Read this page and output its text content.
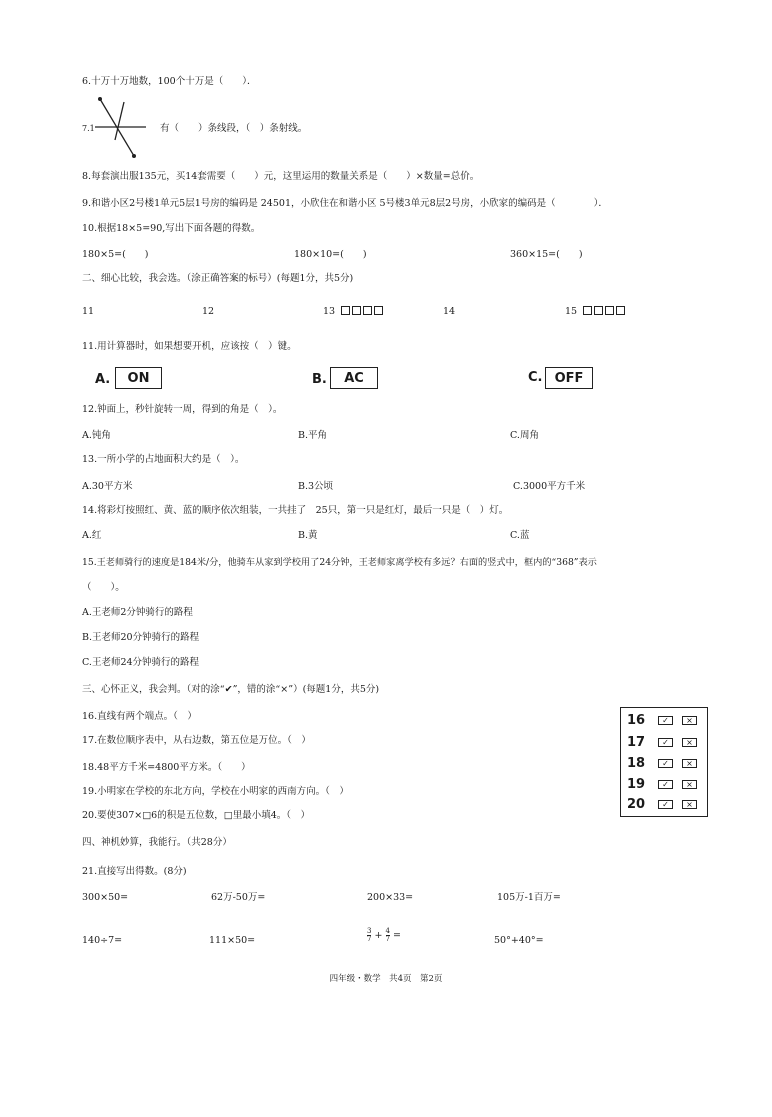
6.十万十万地数，100个十万是（　　）．
7.1	有（　　）条线段，（　）条射线。
8.每套演出服135元，买14套需要（　　）元，这里运用的数量关系是（　　）×数量=总价。
9.和谐小区2号楼1单元5层1号房的编码是 24501，小欣住在和谐小区 5号楼3单元8层2号房，小欣家的编码是（　　　　）．
10.根据18×5=90,写出下面各题的得数。
180×5=(　　)	180×10=(　　)	360×15=(　　)
二、细心比较，我会选。（涂正确答案的标号）(每题1分，共5分)
11	12	13	14	15
11.用计算器时，如果想要开机，应该按（　）键。
A.	ON	B.	AC	C. OFF
12.钟面上，秒针旋转一周，得到的角是（　）。
A.钝角	B.平角	C.周角
13.一所小学的占地面积大约是（　）。
A.30平方米	B.3公顷	C.3000平方千米
14.将彩灯按照红、黄、蓝的顺序依次组装，一共挂了　25只，第一只是红灯，最后一只是（　）灯。
A.红	B.黄	C.蓝
15.王老师骑行的速度是184米/分，他骑车从家到学校用了24分钟，王老师家离学校有多远？右面的竖式中，框内的“368”表示
（　　）。
A.王老师2分钟骑行的路程
B.王老师20分钟骑行的路程
C.王老师24分钟骑行的路程
三、心怀正义，我会判。（对的涂“✔”，错的涂“×”）(每题1分，共5分)
16.直线有两个端点。（　）
17.在数位顺序表中，从右边数，第五位是万位。（　）
18.48平方千米=4800平方米。（　　）
19.小明家在学校的东北方向，学校在小明家的西南方向。（　）
20.要使307×□6的积是五位数，□里最小填4。（　）
16	✓	×
17	✓	×
18	✓	×
19	✓	×
20	✓	×
四、神机妙算，我能行。（共28分）
21.直接写出得数。(8分)
300×50=	62万-50万=	200×33=	105万-1百万=
140÷7=	111×50=	$\frac{3}{7} + \frac{4}{7}$ =	50°+40°=
四年级・数学　共4页　第2页
